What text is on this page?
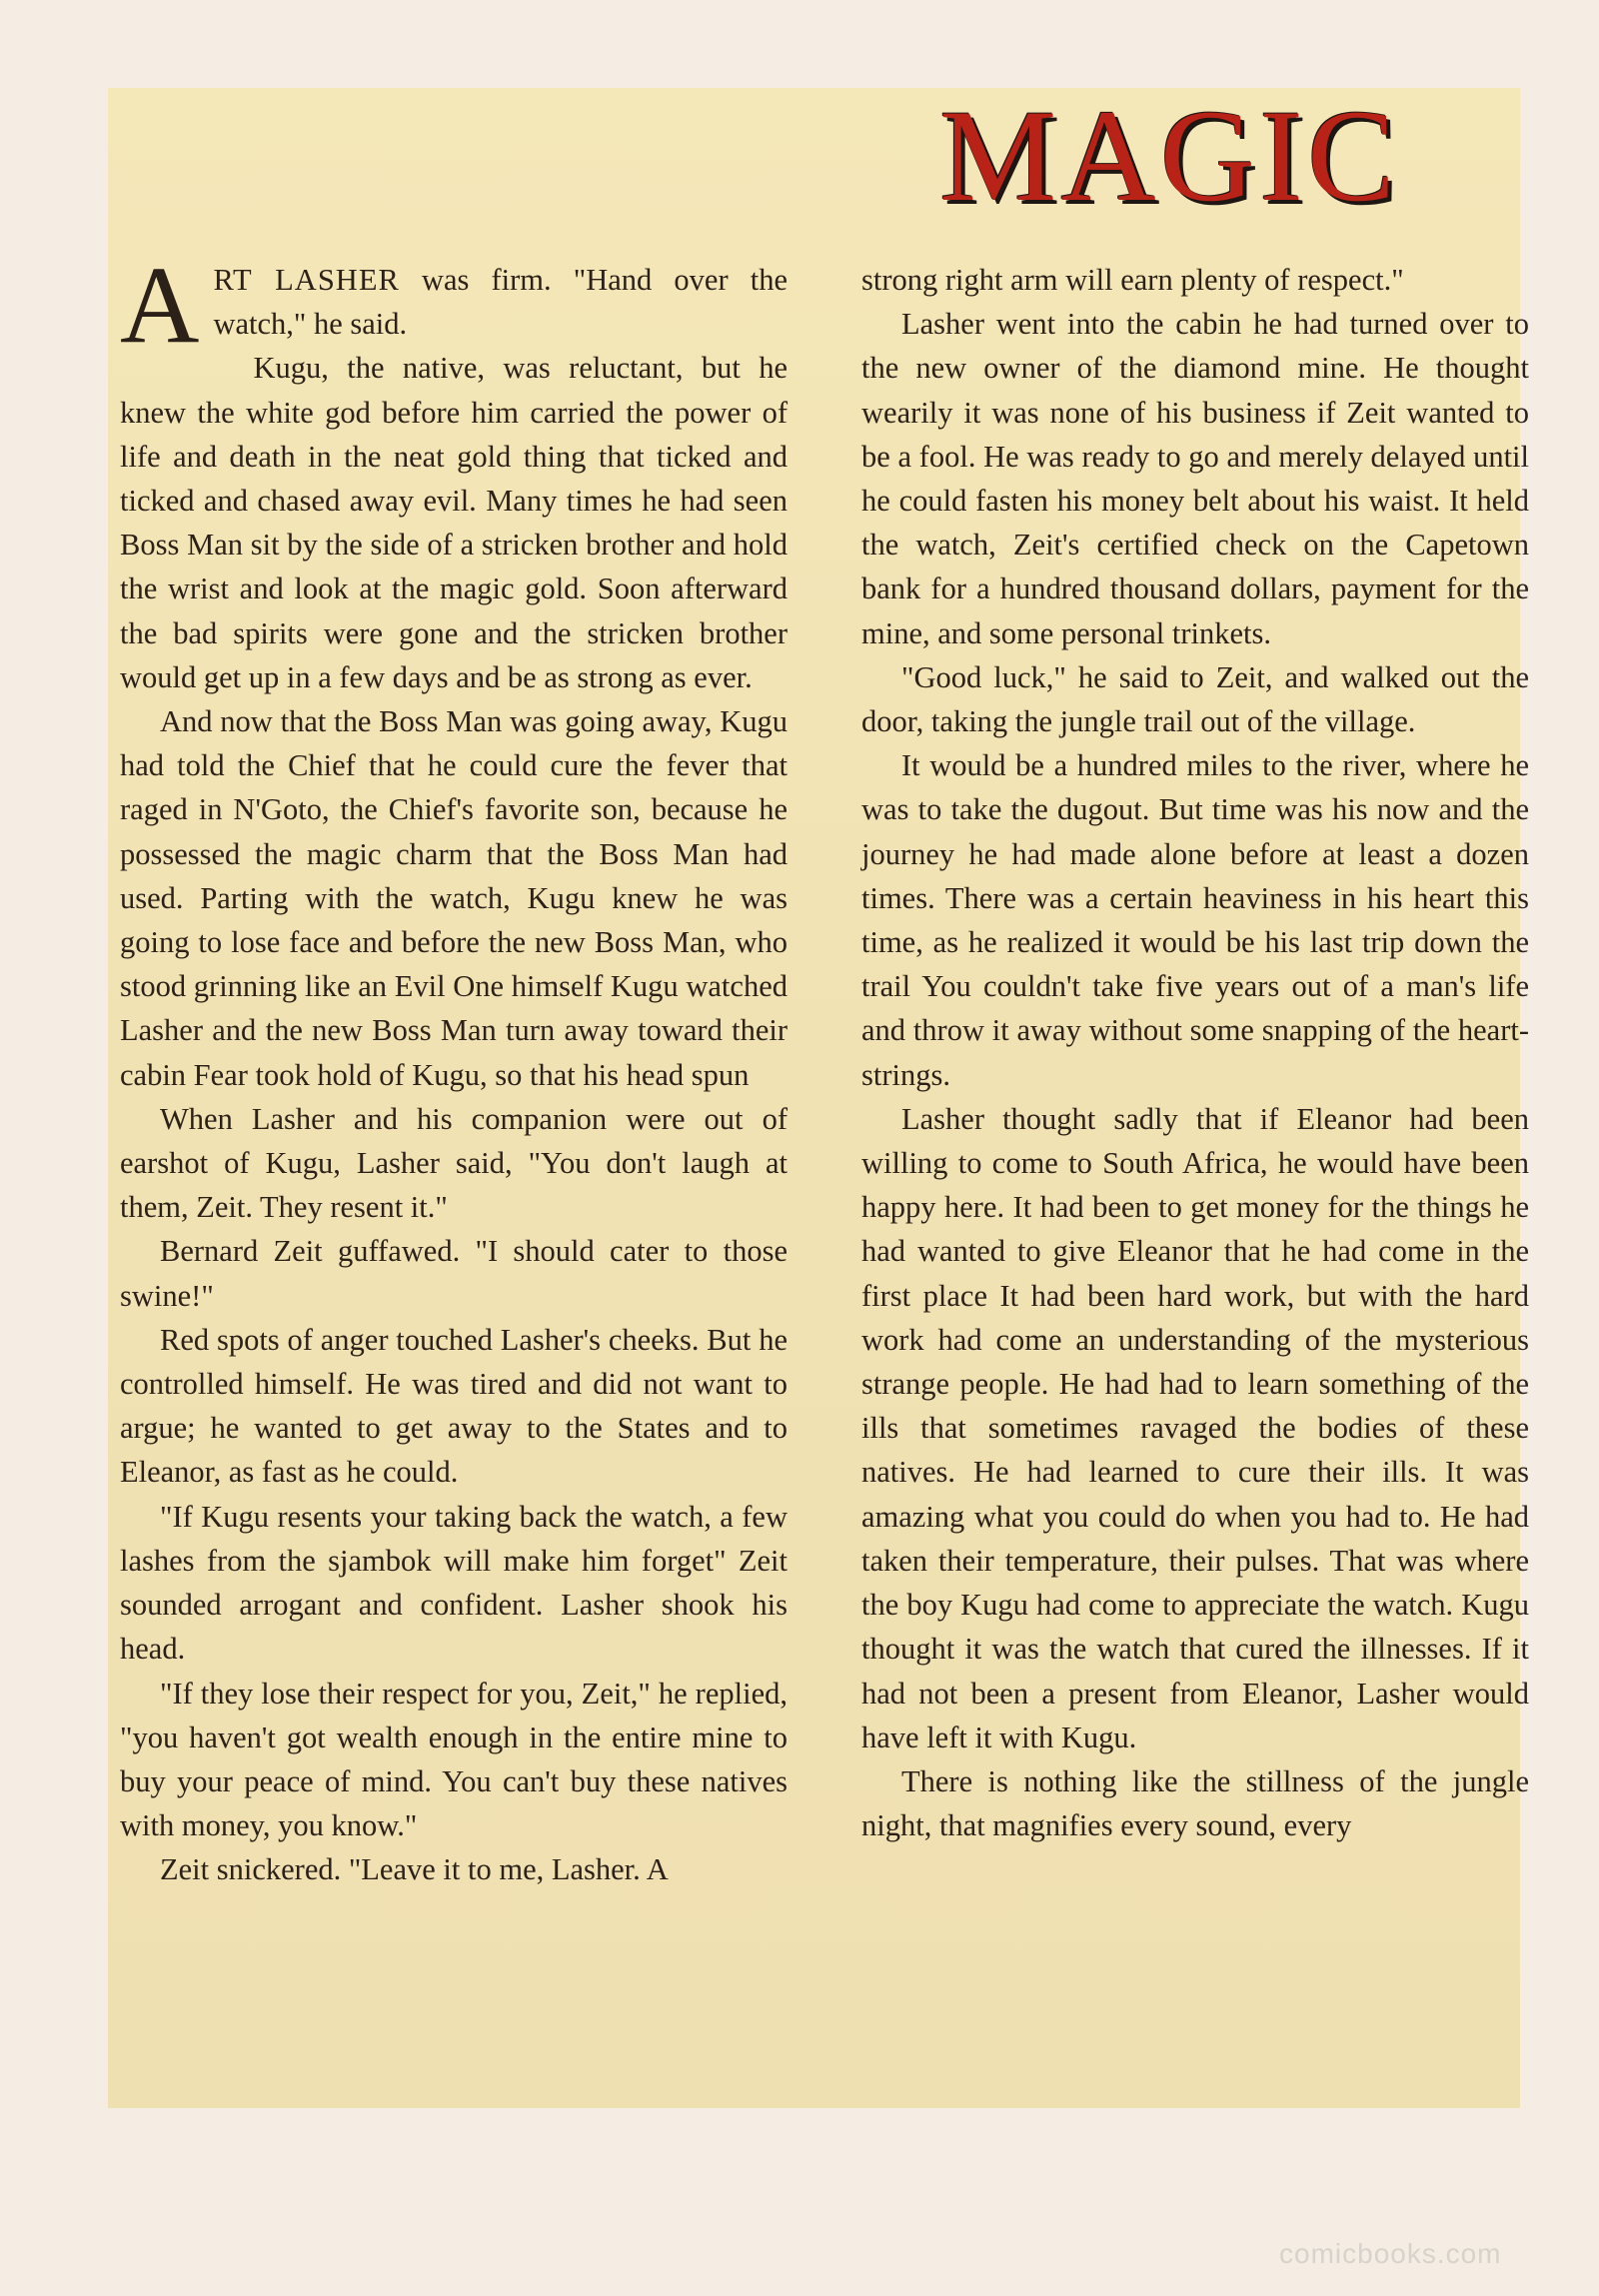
MAGIC

ART LASHER was firm. "Hand over the watch," he said.

Kugu, the native, was reluctant, but he knew the white god before him carried the power of life and death in the neat gold thing that ticked and ticked and chased away evil. Many times he had seen Boss Man sit by the side of a stricken brother and hold the wrist and look at the magic gold. Soon afterward the bad spirits were gone and the stricken brother would get up in a few days and be as strong as ever.

And now that the Boss Man was going away, Kugu had told the Chief that he could cure the fever that raged in N'Goto, the Chief's favorite son, because he possessed the magic charm that the Boss Man had used. Parting with the watch, Kugu knew he was going to lose face and before the new Boss Man, who stood grinning like an Evil One himself Kugu watched Lasher and the new Boss Man turn away toward their cabin Fear took hold of Kugu, so that his head spun

When Lasher and his companion were out of earshot of Kugu, Lasher said, "You don't laugh at them, Zeit. They resent it."

Bernard Zeit guffawed. "I should cater to those swine!"

Red spots of anger touched Lasher's cheeks. But he controlled himself. He was tired and did not want to argue; he wanted to get away to the States and to Eleanor, as fast as he could.

"If Kugu resents your taking back the watch, a few lashes from the sjambok will make him forget" Zeit sounded arrogant and confident. Lasher shook his head.

"If they lose their respect for you, Zeit," he replied, "you haven't got wealth enough in the entire mine to buy your peace of mind. You can't buy these natives with money, you know."

Zeit snickered. "Leave it to me, Lasher. A

strong right arm will earn plenty of respect."

Lasher went into the cabin he had turned over to the new owner of the diamond mine. He thought wearily it was none of his business if Zeit wanted to be a fool. He was ready to go and merely delayed until he could fasten his money belt about his waist. It held the watch, Zeit's certified check on the Capetown bank for a hundred thousand dollars, payment for the mine, and some personal trinkets.

"Good luck," he said to Zeit, and walked out the door, taking the jungle trail out of the village.

It would be a hundred miles to the river, where he was to take the dugout. But time was his now and the journey he had made alone before at least a dozen times. There was a certain heaviness in his heart this time, as he realized it would be his last trip down the trail You couldn't take five years out of a man's life and throw it away without some snapping of the heart-strings.

Lasher thought sadly that if Eleanor had been willing to come to South Africa, he would have been happy here. It had been to get money for the things he had wanted to give Eleanor that he had come in the first place It had been hard work, but with the hard work had come an understanding of the mysterious strange people. He had had to learn something of the ills that sometimes ravaged the bodies of these natives. He had learned to cure their ills. It was amazing what you could do when you had to. He had taken their temperature, their pulses. That was where the boy Kugu had come to appreciate the watch. Kugu thought it was the watch that cured the illnesses. If it had not been a present from Eleanor, Lasher would have left it with Kugu.

There is nothing like the stillness of the jungle night, that magnifies every sound, every

comicbooks.com
